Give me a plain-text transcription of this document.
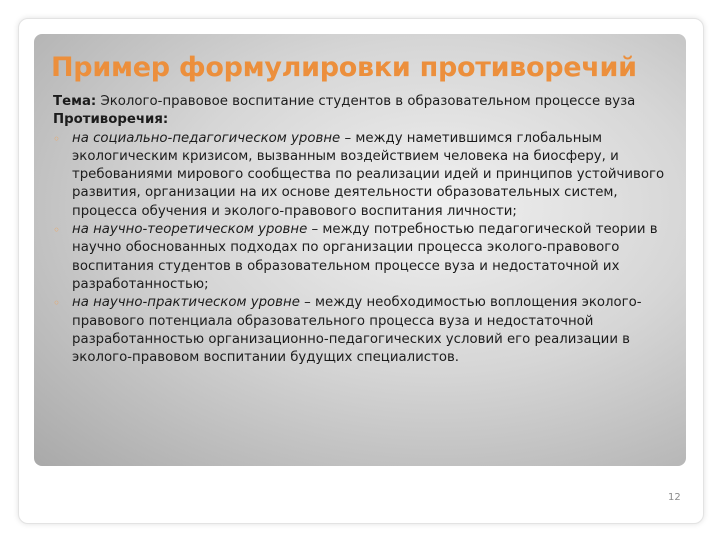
Пример формулировки противоречий

Тема: Эколого-правовое воспитание студентов в образовательном процессе вуза

Противоречия:

◦ на социально-педагогическом уровне – между наметившимся глобальным экологическим кризисом, вызванным воздействием человека на биосферу, и требованиями мирового сообщества по реализации идей и принципов устойчивого развития, организации на их основе деятельности образовательных систем, процесса обучения и эколого-правового воспитания личности;
◦ на научно-теоретическом уровне – между потребностью педагогической теории в научно обоснованных подходах по организации процесса эколого-правового воспитания студентов в образовательном процессе вуза и недостаточной их разработанностью;
◦ на научно-практическом уровне – между необходимостью воплощения эколого-правового потенциала образовательного процесса вуза и недостаточной разработанностью организационно-педагогических условий его реализации в эколого-правовом воспитании будущих специалистов.
12
